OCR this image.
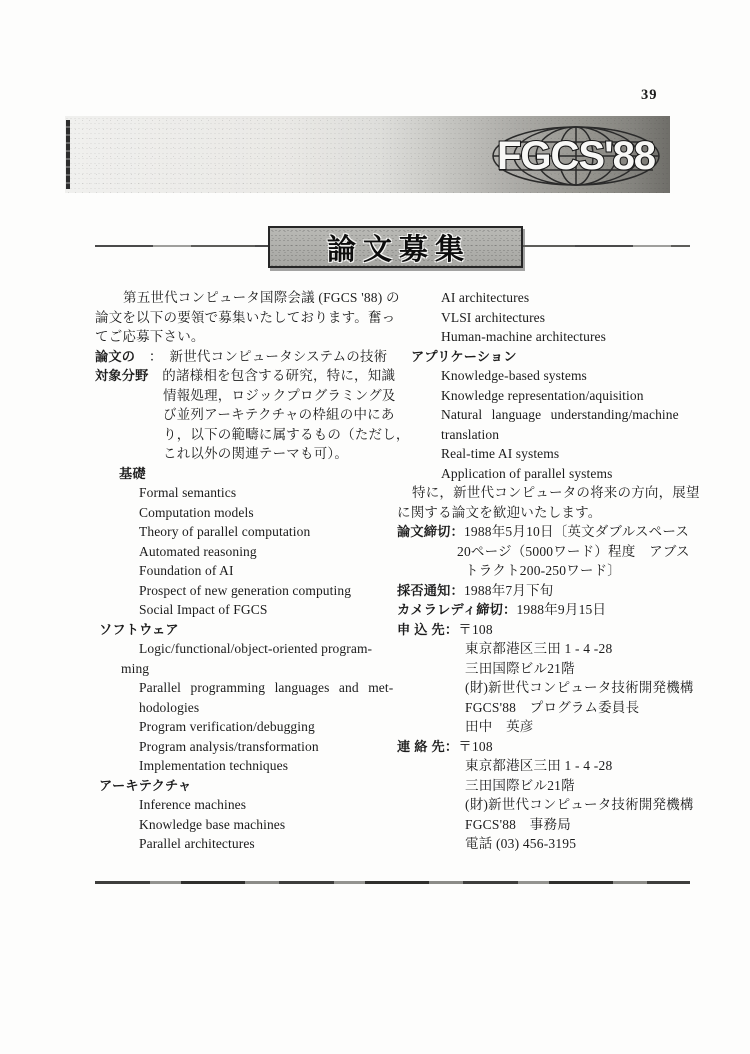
39
FGCS'88
論文募集
第五世代コンピュータ国際会議 (FGCS '88) の
論文を以下の要領で募集いたしております。奮っ
てご応募下さい。
論文の　：　新世代コンピュータシステムの技術
対象分野　的諸様相を包含する研究，特に，知識
情報処理，ロジックプログラミング及
び並列アーキテクチャの枠組の中にあ
り，以下の範疇に属するもの（ただし，
これ以外の関連テーマも可）。
基礎
Formal semantics
Computation models
Theory of parallel computation
Automated reasoning
Foundation of AI
Prospect of new generation computing
Social Impact of FGCS
ソフトウェア
Logic/functional/object-oriented program-
ming
Parallel programming languages and met-
hodologies
Program verification/debugging
Program analysis/transformation
Implementation techniques
アーキテクチャ
Inference machines
Knowledge base machines
Parallel architectures
AI architectures
VLSI architectures
Human-machine architectures
アプリケーション
Knowledge-based systems
Knowledge representation/aquisition
Natural language understanding/machine
translation
Real-time AI systems
Application of parallel systems
特に，新世代コンピュータの将来の方向，展望
に関する論文を歓迎いたします。
論文締切：1988年5月10日〔英文ダブルスペース
20ページ（5000ワード）程度　アブス
トラクト200-250ワード〕
採否通知：1988年7月下旬
カメラレディ締切：1988年9月15日
申 込 先：〒108
東京都港区三田 1 - 4 -28
三田国際ビル21階
(財)新世代コンピュータ技術開発機構
FGCS'88　プログラム委員長
田中　英彦
連 絡 先：〒108
東京都港区三田 1 - 4 -28
三田国際ビル21階
(財)新世代コンピュータ技術開発機構
FGCS'88　事務局
電話 (03) 456-3195
